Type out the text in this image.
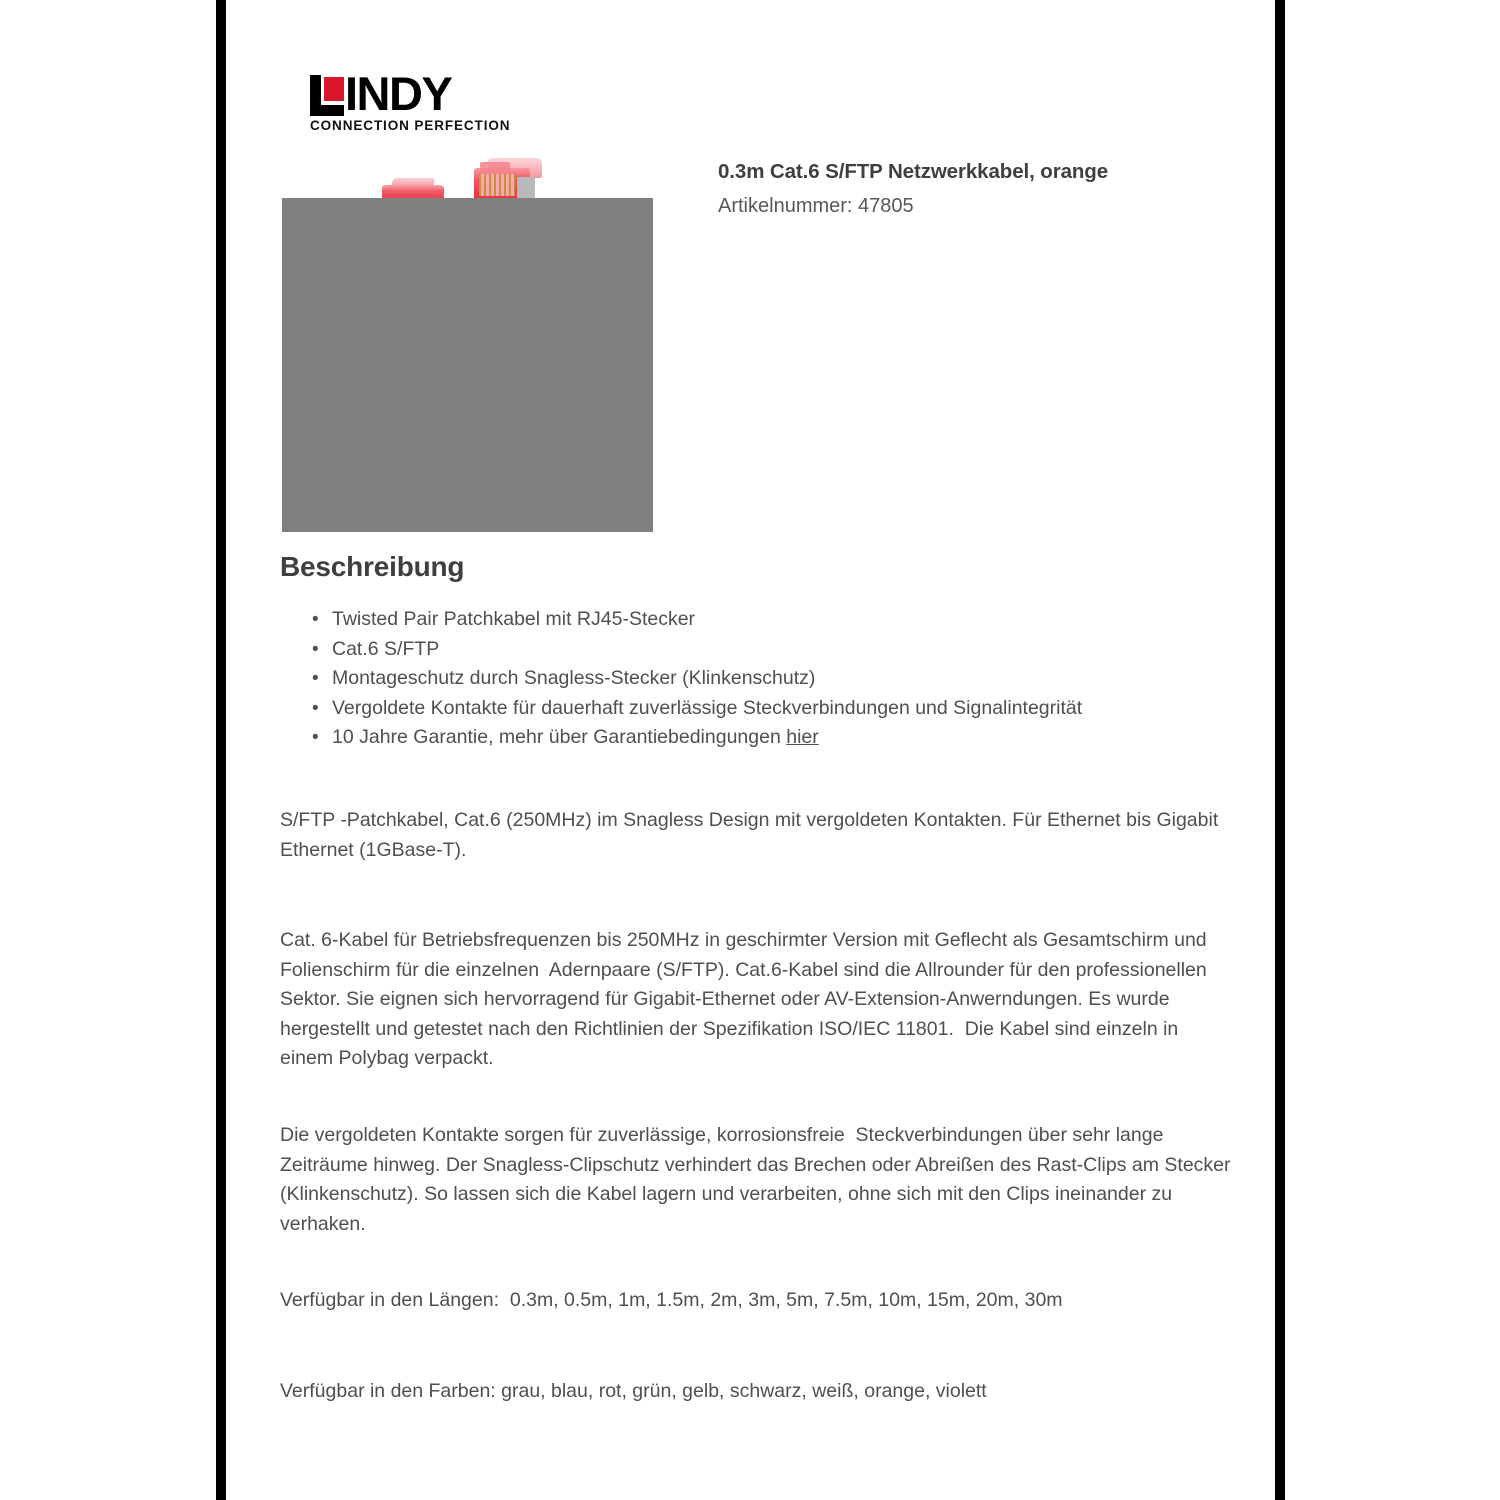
INDY
CONNECTION PERFECTION
0.3m Cat.6 S/FTP Netzwerkkabel, orange
Artikelnummer: 47805
Beschreibung
• Twisted Pair Patchkabel mit RJ45-Stecker
• Cat.6 S/FTP
• Montageschutz durch Snagless-Stecker (Klinkenschutz)
• Vergoldete Kontakte für dauerhaft zuverlässige Steckverbindungen und Signalintegrität
• 10 Jahre Garantie, mehr über Garantiebedingungen hier
S/FTP -Patchkabel, Cat.6 (250MHz) im Snagless Design mit vergoldeten Kontakten. Für Ethernet bis Gigabit Ethernet (1GBase-T).
Cat. 6-Kabel für Betriebsfrequenzen bis 250MHz in geschirmter Version mit Geflecht als Gesamtschirm und Folienschirm für die einzelnen  Adernpaare (S/FTP). Cat.6-Kabel sind die Allrounder für den professionellen Sektor. Sie eignen sich hervorragend für Gigabit-Ethernet oder AV-Extension-Anwerndungen. Es wurde hergestellt und getestet nach den Richtlinien der Spezifikation ISO/IEC 11801.  Die Kabel sind einzeln in einem Polybag verpackt.
Die vergoldeten Kontakte sorgen für zuverlässige, korrosionsfreie  Steckverbindungen über sehr lange Zeiträume hinweg. Der Snagless-Clipschutz verhindert das Brechen oder Abreißen des Rast-Clips am Stecker (Klinkenschutz). So lassen sich die Kabel lagern und verarbeiten, ohne sich mit den Clips ineinander zu verhaken.
Verfügbar in den Längen:  0.3m, 0.5m, 1m, 1.5m, 2m, 3m, 5m, 7.5m, 10m, 15m, 20m, 30m
Verfügbar in den Farben: grau, blau, rot, grün, gelb, schwarz, weiß, orange, violett
